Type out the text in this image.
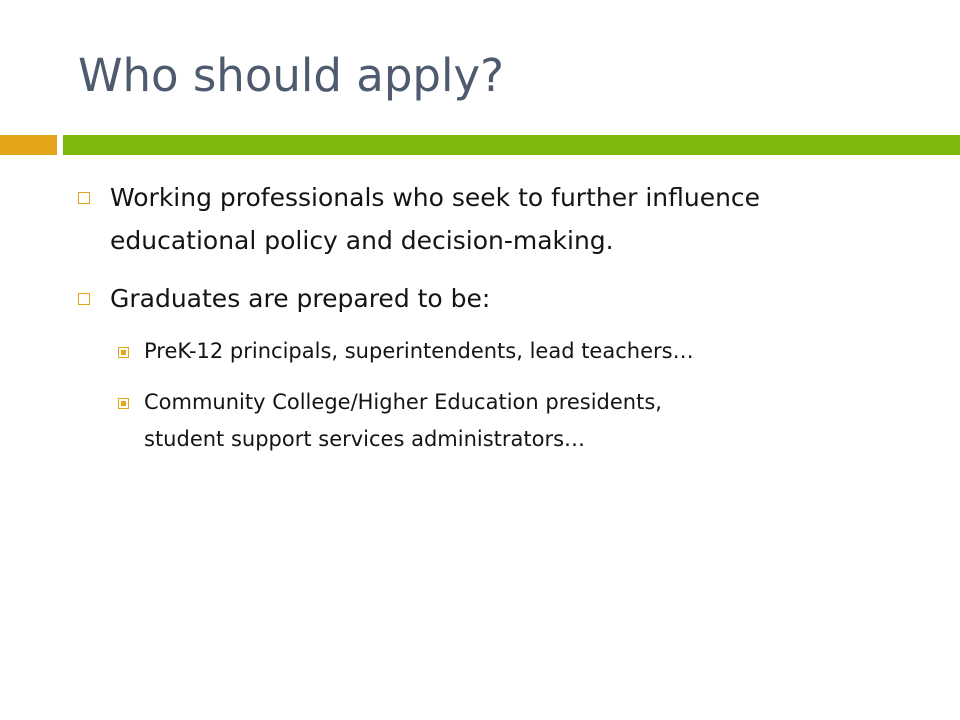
Who should apply?
Working professionals who seek to further influence
educational policy and decision-making.
Graduates are prepared to be:
PreK-12 principals, superintendents, lead teachers…
Community College/Higher Education presidents,
student support services administrators…
